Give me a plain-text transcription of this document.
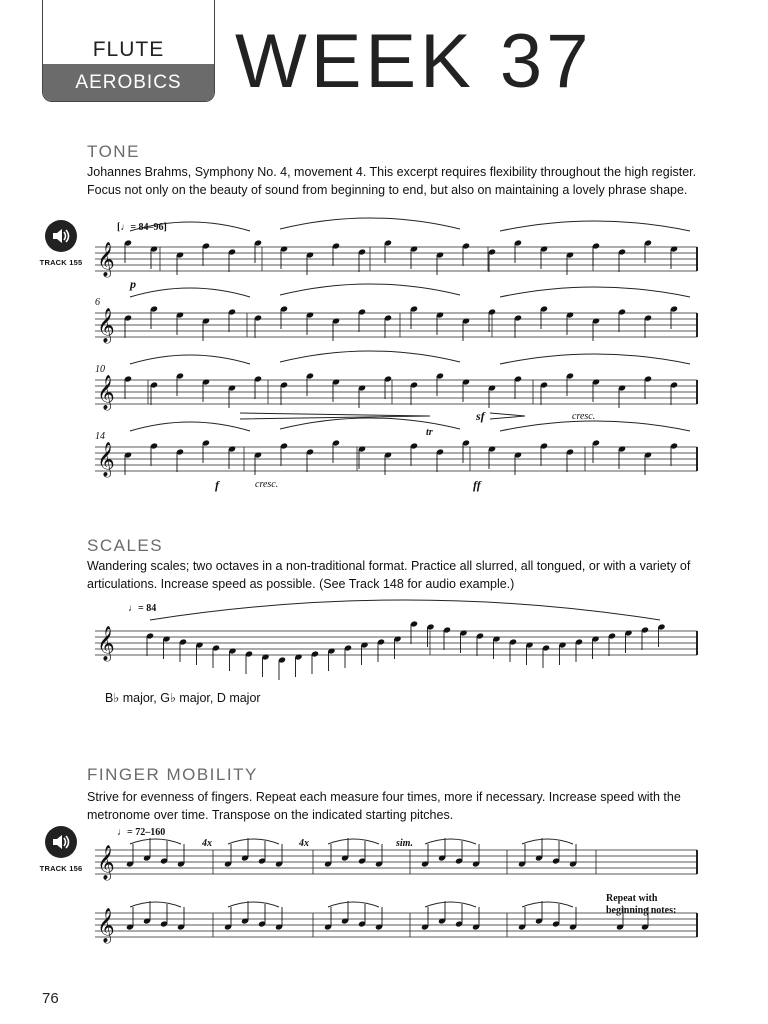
FLUTE
AEROBICS WEEK 37
TONE
Johannes Brahms, Symphony No. 4, movement 4. This excerpt requires flexibility throughout the high register. Focus not only on the beauty of sound from beginning to end, but also on maintaining a lovely phrase shape.
TRACK 155 𝄞
𝄞
𝄞
𝄞
𝄞
𝄞
𝄞
[♩= 84–96]
6
10
14
p
sf	cresc.
f	cresc.	ff
tr
SCALES
Wandering scales; two octaves in a non-traditional format. Practice all slurred, all tongued, or with a variety of articulations. Increase speed as possible. (See Track 148 for audio example.)
♩= 84
B♭ major, G♭ major, D major
FINGER MOBILITY
Strive for evenness of fingers. Repeat each measure four times, more if necessary. Increase speed with the metronome over time. Transpose on the indicated starting pitches.
TRACK 156
♩= 72–160
4x	4x	sim.
Repeat with
beginning notes:
76
